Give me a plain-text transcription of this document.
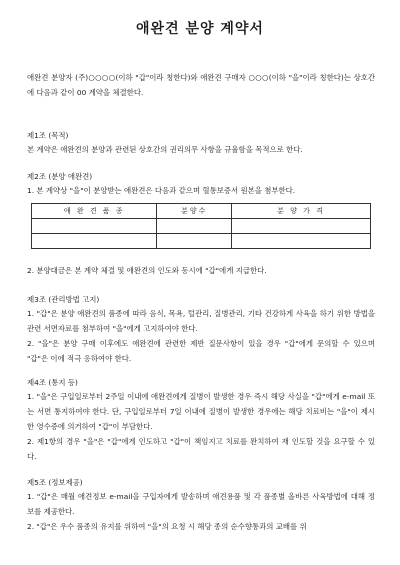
애완견 분양 계약서
애완견 분양자 (주)○○○○(이하 "갑"이라 칭한다)와 애완견 구매자 ○○○(이하 "을"이라 칭한다)는 상호간에 다음과 같이 00 계약을 체결한다.
제1조 (목적)
본 계약은 애완견의 분양과 관련된 상호간의 권리의무 사항을 규율함을 목적으로 한다.
제2조 (분양 애완견)
1. 본 계약상 "을"이 분양받는 애완견은 다음과 같으며 혈통보증서 원본을 첨부한다.
애 완 견 품 종	분양수	분 양 가 격

2. 분양대금은 본 계약 체결 및 애완견의 인도와 동시에 "갑"에게 지급한다.
제3조 (관리방법 고지)
1. "갑"은 분양 애완견의 품종에 따라 음식, 목욕, 털관리, 질병관리, 기타 건강하게 사육을 하기 위한 방법을 관련 서면자료를 첨부하여 "을"에게 고지하여야 한다.
2. "을"은 분양 구매 이후에도 애완견에 관련한 제반 질문사항이 있을 경우 "갑"에게 문의할 수 있으며 "갑"은 이에 적극 응하여야 한다.
제4조 (통지 등)
1. "을"은 구입일로부터 2주일 이내에 애완견에게 질병이 발생한 경우 즉시 해당 사실을 "갑"에게 e-mail 또는 서면 통지하여야 한다. 단, 구입일로부터 7일 이내에 질병이 발생한 경우에는 해당 치료비는 "을"이 제시한 영수증에 의거하여 "갑"이 부담한다.
2. 제1항의 경우 "을"은 "갑"에게 인도하고 "갑"이 책임지고 치료를 완치하여 재 인도할 것을 요구할 수 있다.
제5조 (정보제공)
1. "갑"은 매월 애견정보 e-mail을 구입자에게 발송하며 애견용품 및 각 품종별 올바른 사육방법에 대해 정보를 제공한다.
2. "갑"은 우수 품종의 유지를 위하여 "을"의 요청 시 해당 종의 순수향통과의 교배를 위
